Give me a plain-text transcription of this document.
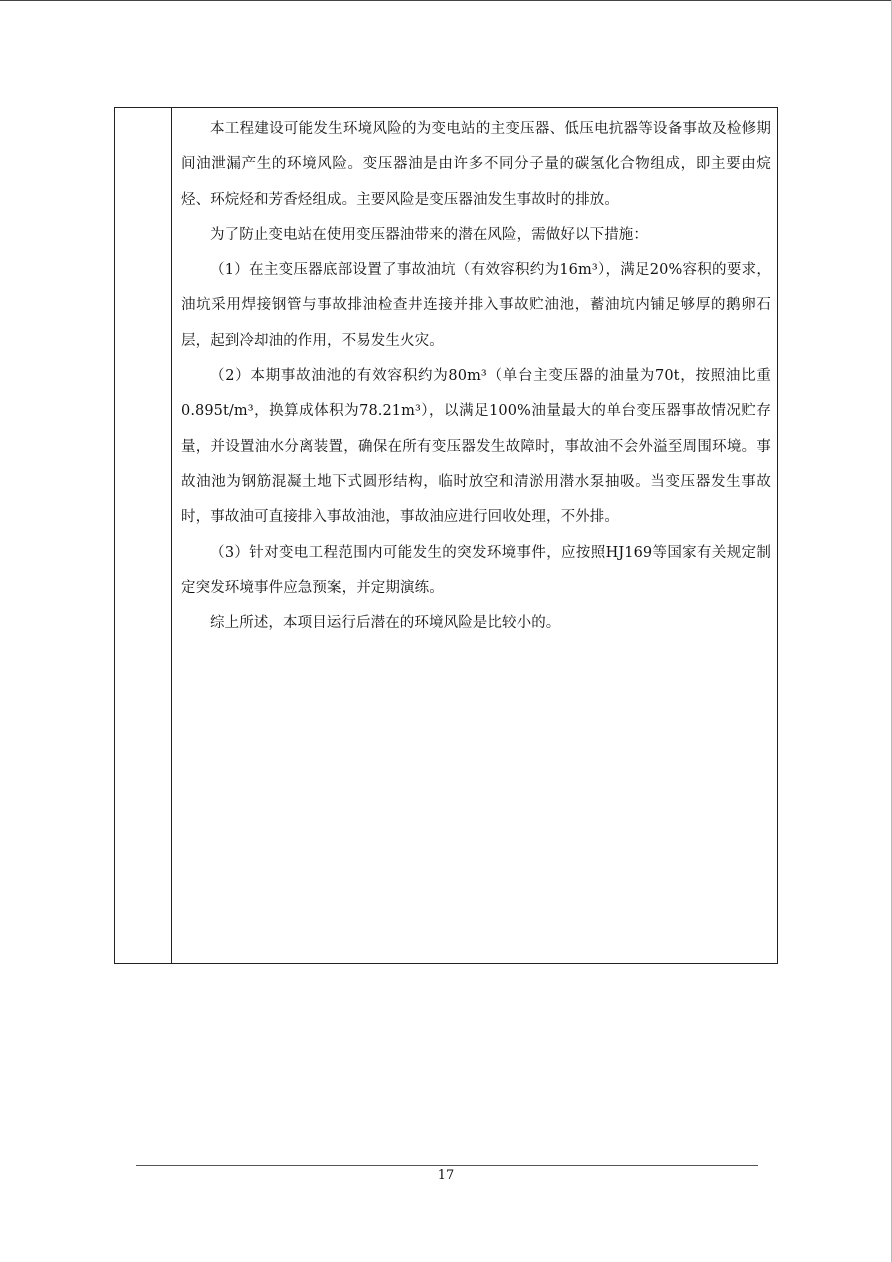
本工程建设可能发生环境风险的为变电站的主变压器、低压电抗器等设备事故及检修期间油泄漏产生的环境风险。变压器油是由许多不同分子量的碳氢化合物组成，即主要由烷烃、环烷烃和芳香烃组成。主要风险是变压器油发生事故时的排放。

为了防止变电站在使用变压器油带来的潜在风险，需做好以下措施：

（1）在主变压器底部设置了事故油坑（有效容积约为16m³），满足20%容积的要求，油坑采用焊接钢管与事故排油检查井连接并排入事故贮油池，蓄油坑内铺足够厚的鹅卵石层，起到冷却油的作用，不易发生火灾。

（2）本期事故油池的有效容积约为80m³（单台主变压器的油量为70t，按照油比重0.895t/m³，换算成体积为78.21m³），以满足100%油量最大的单台变压器事故情况贮存量，并设置油水分离装置，确保在所有变压器发生故障时，事故油不会外溢至周围环境。事故油池为钢筋混凝土地下式圆形结构，临时放空和清淤用潜水泵抽吸。当变压器发生事故时，事故油可直接排入事故油池，事故油应进行回收处理，不外排。

（3）针对变电工程范围内可能发生的突发环境事件，应按照HJ169等国家有关规定制定突发环境事件应急预案，并定期演练。

综上所述，本项目运行后潜在的环境风险是比较小的。

17
